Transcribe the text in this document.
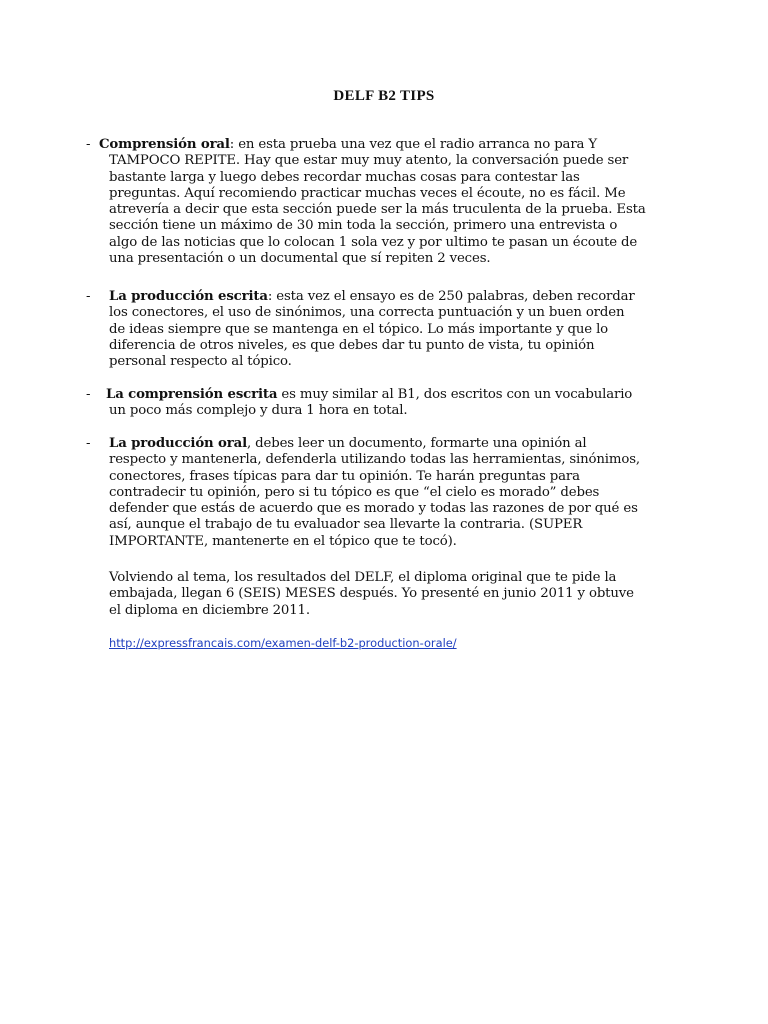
DELF B2 TIPS
- Comprensión oral: en esta prueba una vez que el radio arranca no para Y
TAMPOCO REPITE. Hay que estar muy muy atento, la conversación puede ser
bastante larga y luego debes recordar muchas cosas para contestar las
preguntas. Aquí recomiendo practicar muchas veces el écoute, no es fácil. Me
atrevería a decir que esta sección puede ser la más truculenta de la prueba. Esta
sección tiene un máximo de 30 min toda la sección, primero una entrevista o
algo de las noticias que lo colocan 1 sola vez y por ultimo te pasan un écoute de
una presentación o un documental que sí repiten 2 veces.
-	La producción escrita: esta vez el ensayo es de 250 palabras, deben recordar
los conectores, el uso de sinónimos, una correcta puntuación y un buen orden
de ideas siempre que se mantenga en el tópico. Lo más importante y que lo
diferencia de otros niveles, es que debes dar tu punto de vista, tu opinión
personal respecto al tópico.
-	La comprensión escrita es muy similar al B1, dos escritos con un vocabulario
un poco más complejo y dura 1 hora en total.
-	La producción oral, debes leer un documento, formarte una opinión al
respecto y mantenerla, defenderla utilizando todas las herramientas, sinónimos,
conectores, frases típicas para dar tu opinión. Te harán preguntas para
contradecir tu opinión, pero si tu tópico es que “el cielo es morado” debes
defender que estás de acuerdo que es morado y todas las razones de por qué es
así, aunque el trabajo de tu evaluador sea llevarte la contraria. (SUPER
IMPORTANTE, mantenerte en el tópico que te tocó).
Volviendo al tema, los resultados del DELF, el diploma original que te pide la
embajada, llegan 6 (SEIS) MESES después. Yo presenté en junio 2011 y obtuve
el diploma en diciembre 2011.
http://expressfrancais.com/examen-delf-b2-production-orale/
